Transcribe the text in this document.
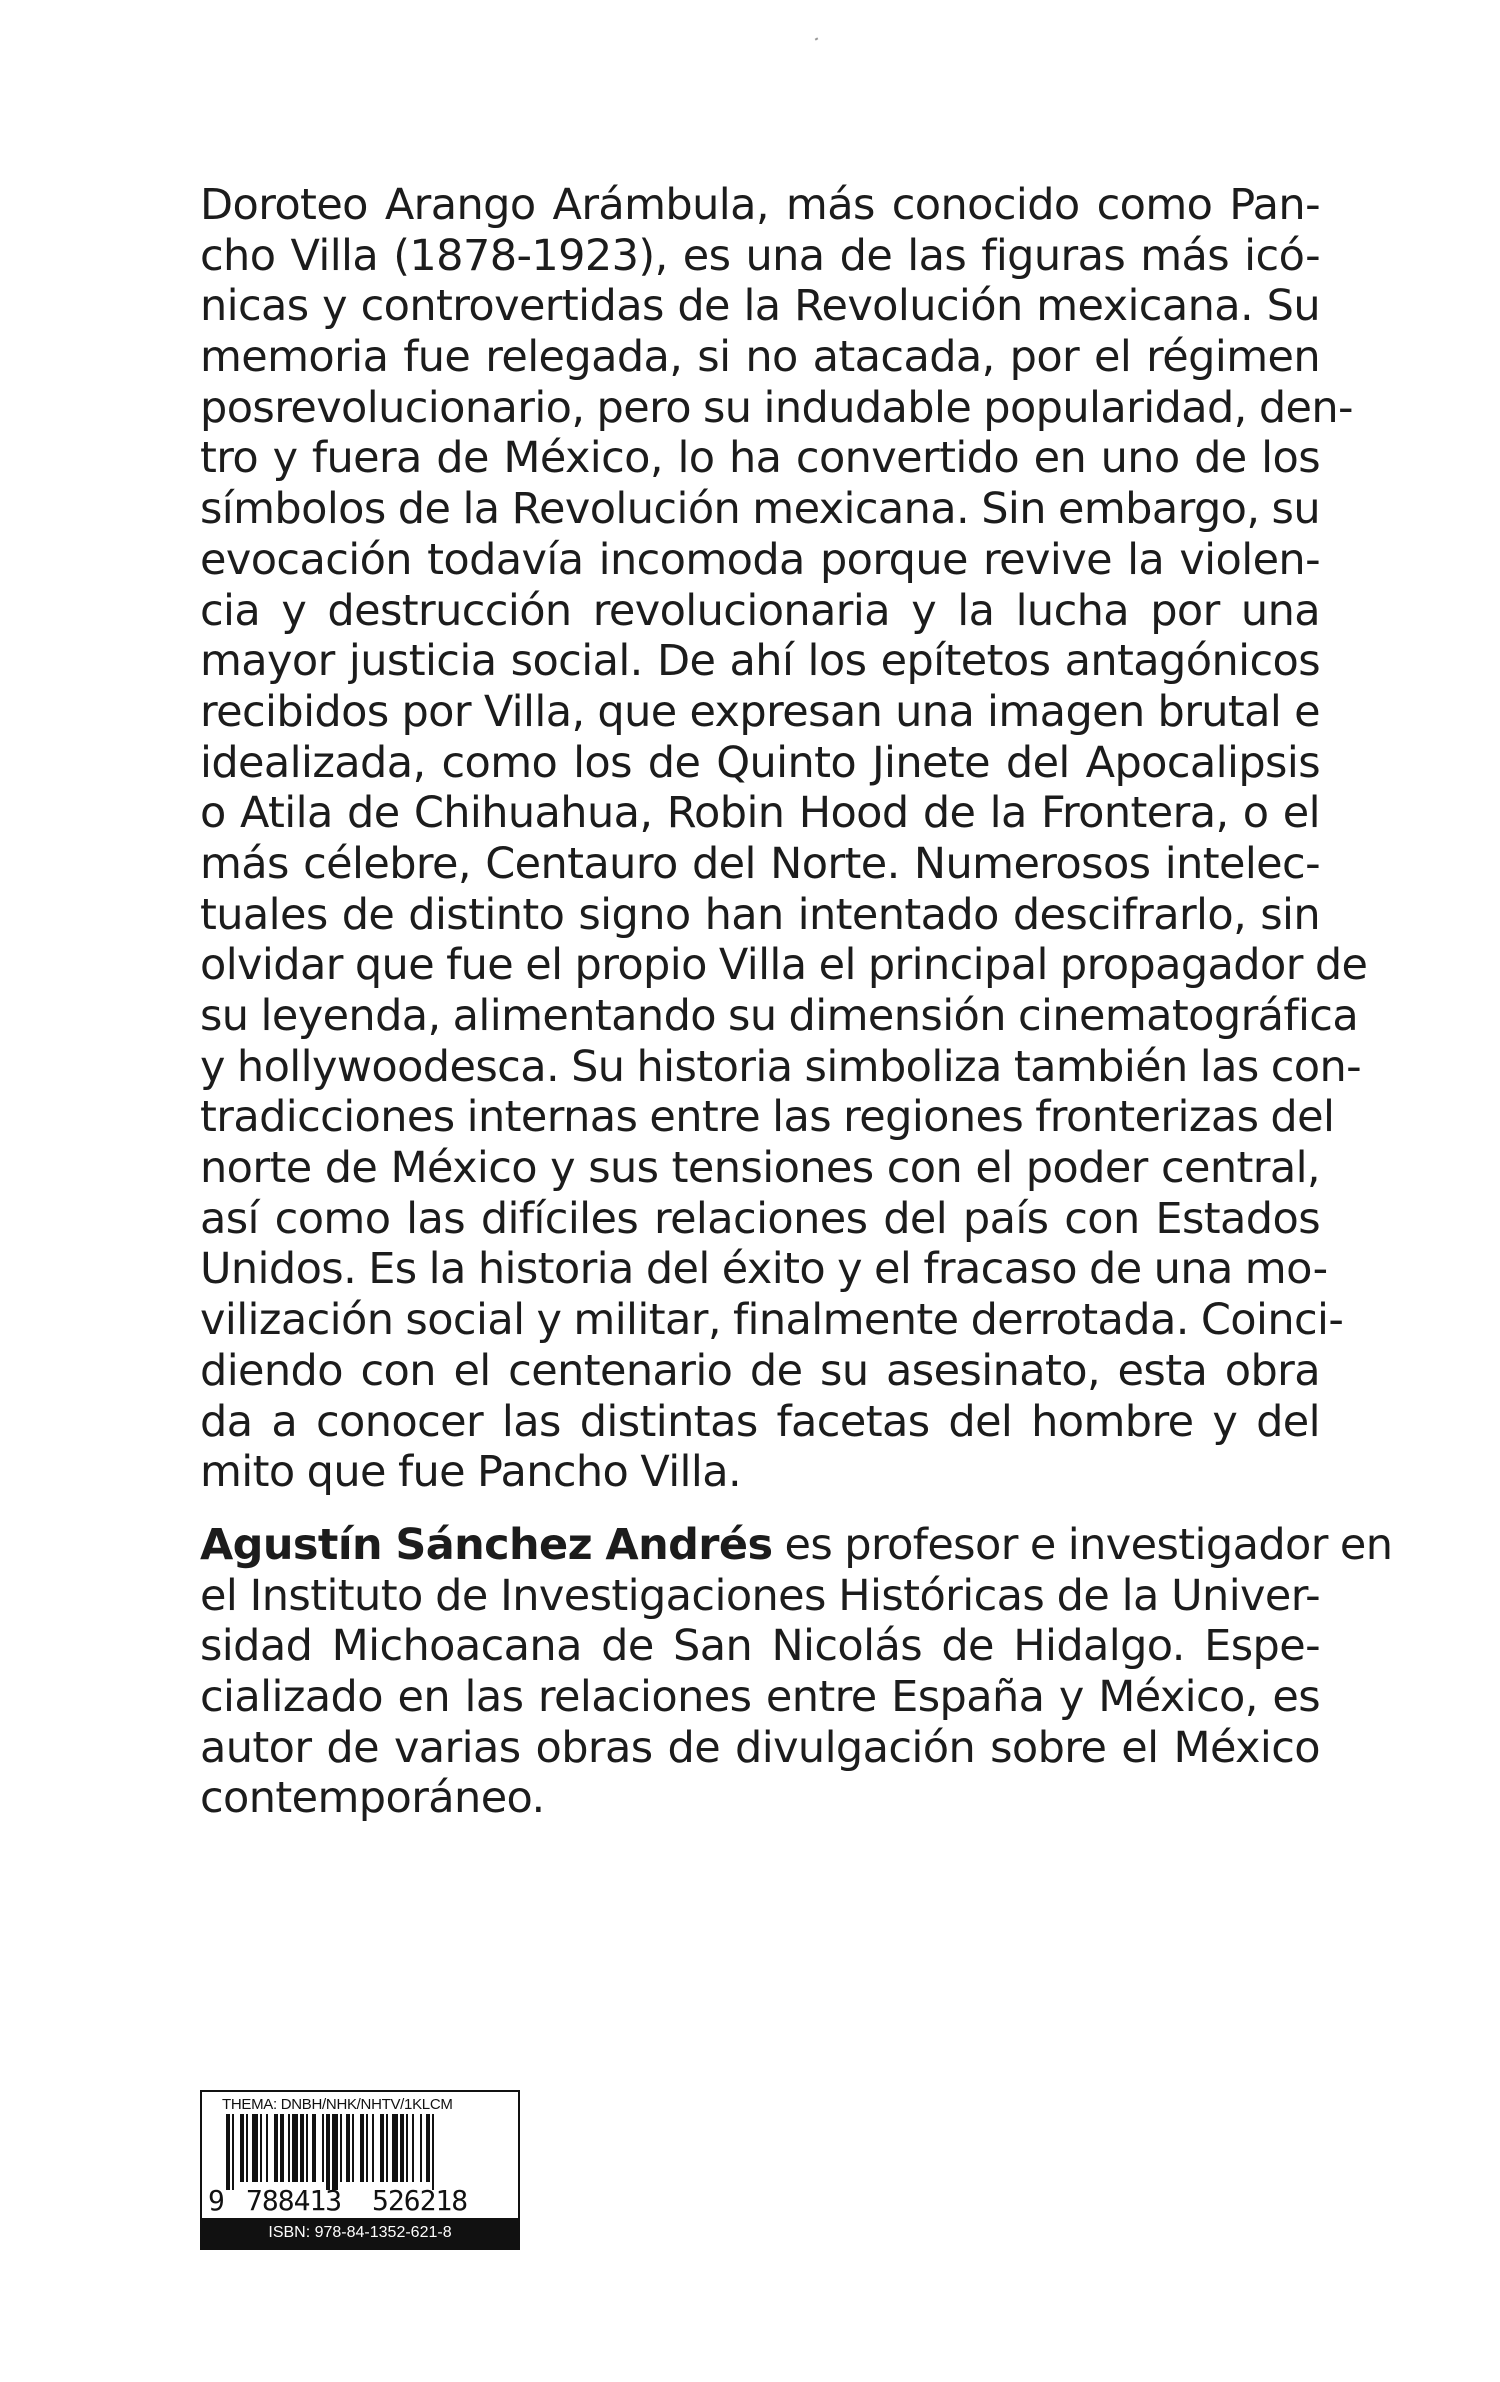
Doroteo Arango Arámbula, más conocido como Pan-
cho Villa (1878-1923), es una de las figuras más icó-
nicas y controvertidas de la Revolución mexicana. Su
memoria fue relegada, si no atacada, por el régimen
posrevolucionario, pero su indudable popularidad, den-
tro y fuera de México, lo ha convertido en uno de los
símbolos de la Revolución mexicana. Sin embargo, su
evocación todavía incomoda porque revive la violen-
cia y destrucción revolucionaria y la lucha por una
mayor justicia social. De ahí los epítetos antagónicos
recibidos por Villa, que expresan una imagen brutal e
idealizada, como los de Quinto Jinete del Apocalipsis
o Atila de Chihuahua, Robin Hood de la Frontera, o el
más célebre, Centauro del Norte. Numerosos intelec-
tuales de distinto signo han intentado descifrarlo, sin
olvidar que fue el propio Villa el principal propagador de
su leyenda, alimentando su dimensión cinematográfica
y hollywoodesca. Su historia simboliza también las con-
tradicciones internas entre las regiones fronterizas del
norte de México y sus tensiones con el poder central,
así como las difíciles relaciones del país con Estados
Unidos. Es la historia del éxito y el fracaso de una mo-
vilización social y militar, finalmente derrotada. Coinci-
diendo con el centenario de su asesinato, esta obra
da a conocer las distintas facetas del hombre y del
mito que fue Pancho Villa.
Agustín Sánchez Andrés es profesor e investigador en
el Instituto de Investigaciones Históricas de la Univer-
sidad Michoacana de San Nicolás de Hidalgo. Espe-
cializado en las relaciones entre España y México, es
autor de varias obras de divulgación sobre el México
contemporáneo.
THEMA: DNBH/NHK/NHTV/1KLCM
9 788413 526218
ISBN: 978-84-1352-621-8
